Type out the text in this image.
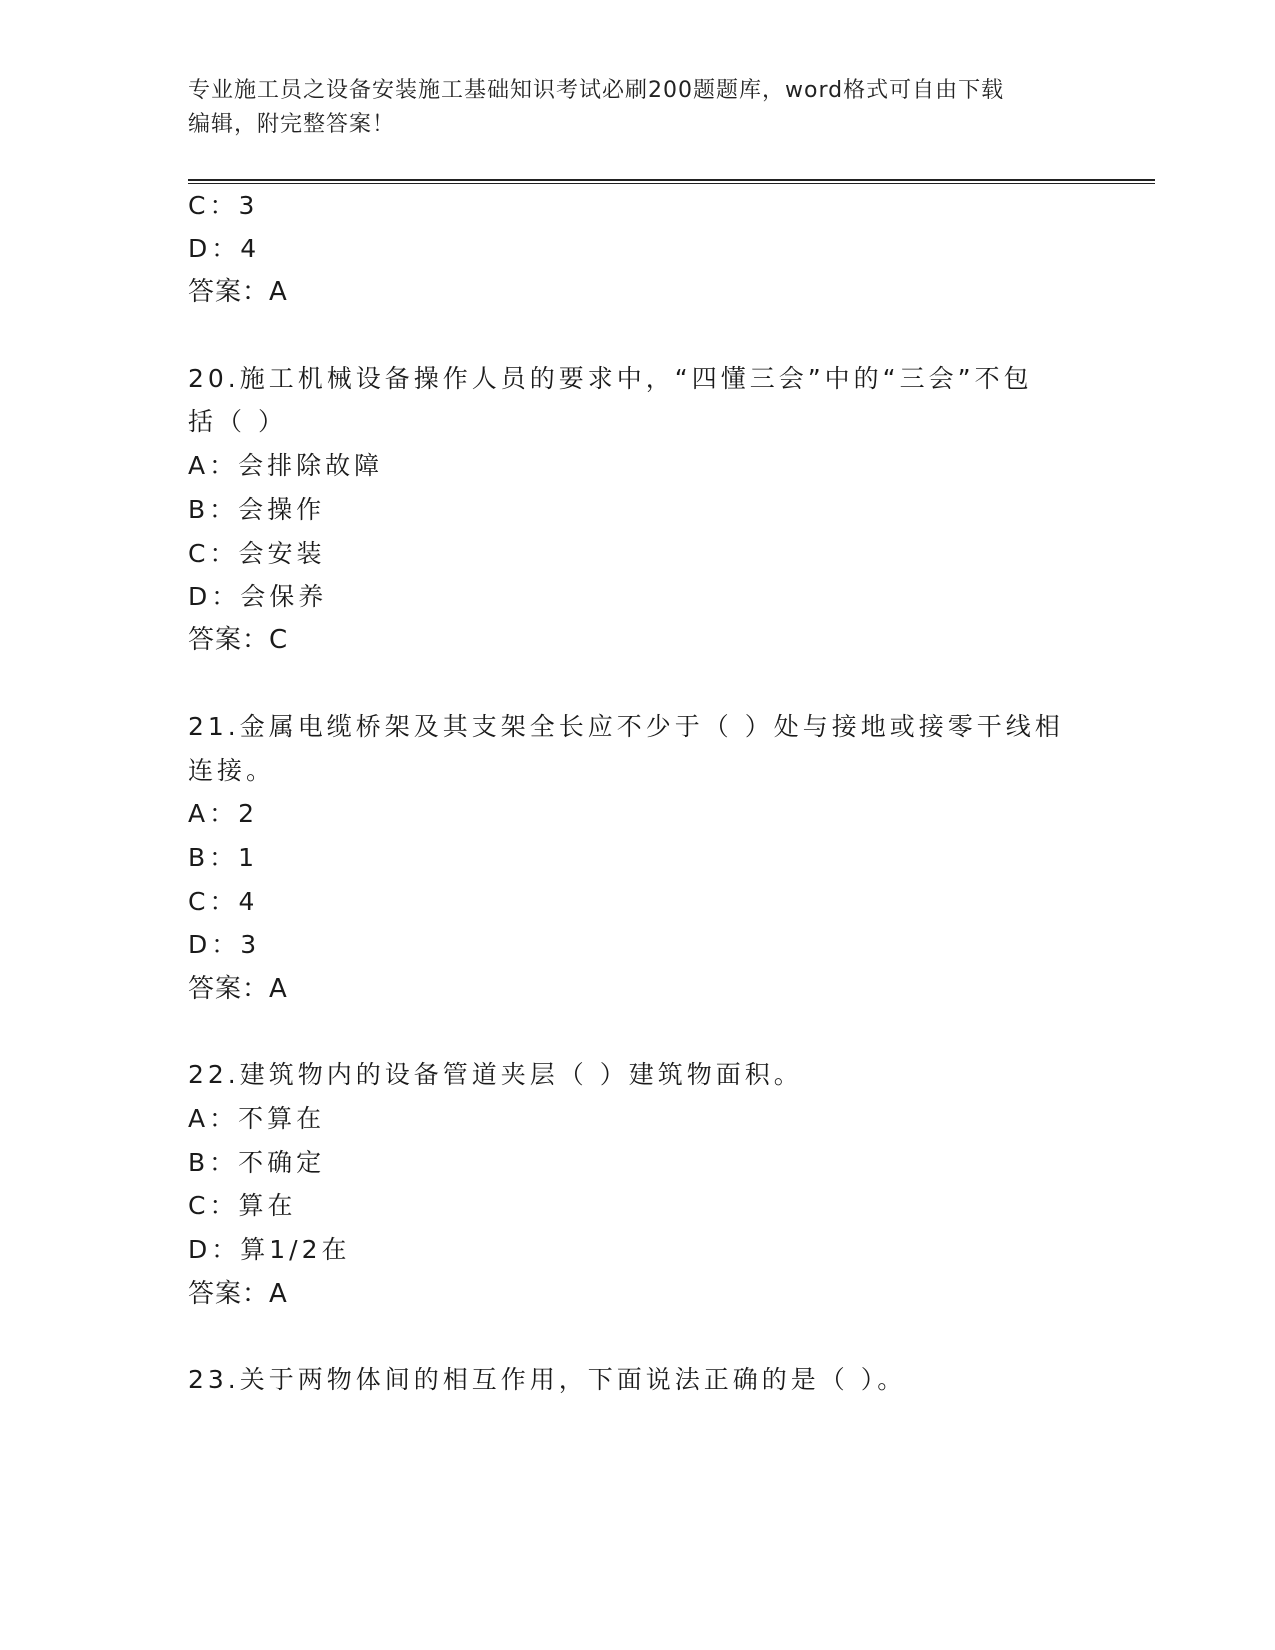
专业施工员之设备安装施工基础知识考试必刷200题题库，word格式可自由下载
编辑，附完整答案！
C：3
D：4
答案：A
20.施工机械设备操作人员的要求中，“四懂三会”中的“三会”不包
括（ ）
A：会排除故障
B：会操作
C：会安装
D：会保养
答案：C
21.金属电缆桥架及其支架全长应不少于（ ）处与接地或接零干线相
连接。
A：2
B：1
C：4
D：3
答案：A
22.建筑物内的设备管道夹层（ ）建筑物面积。
A：不算在
B：不确定
C：算在
D：算1/2在
答案：A
23.关于两物体间的相互作用，下面说法正确的是（ ）。
